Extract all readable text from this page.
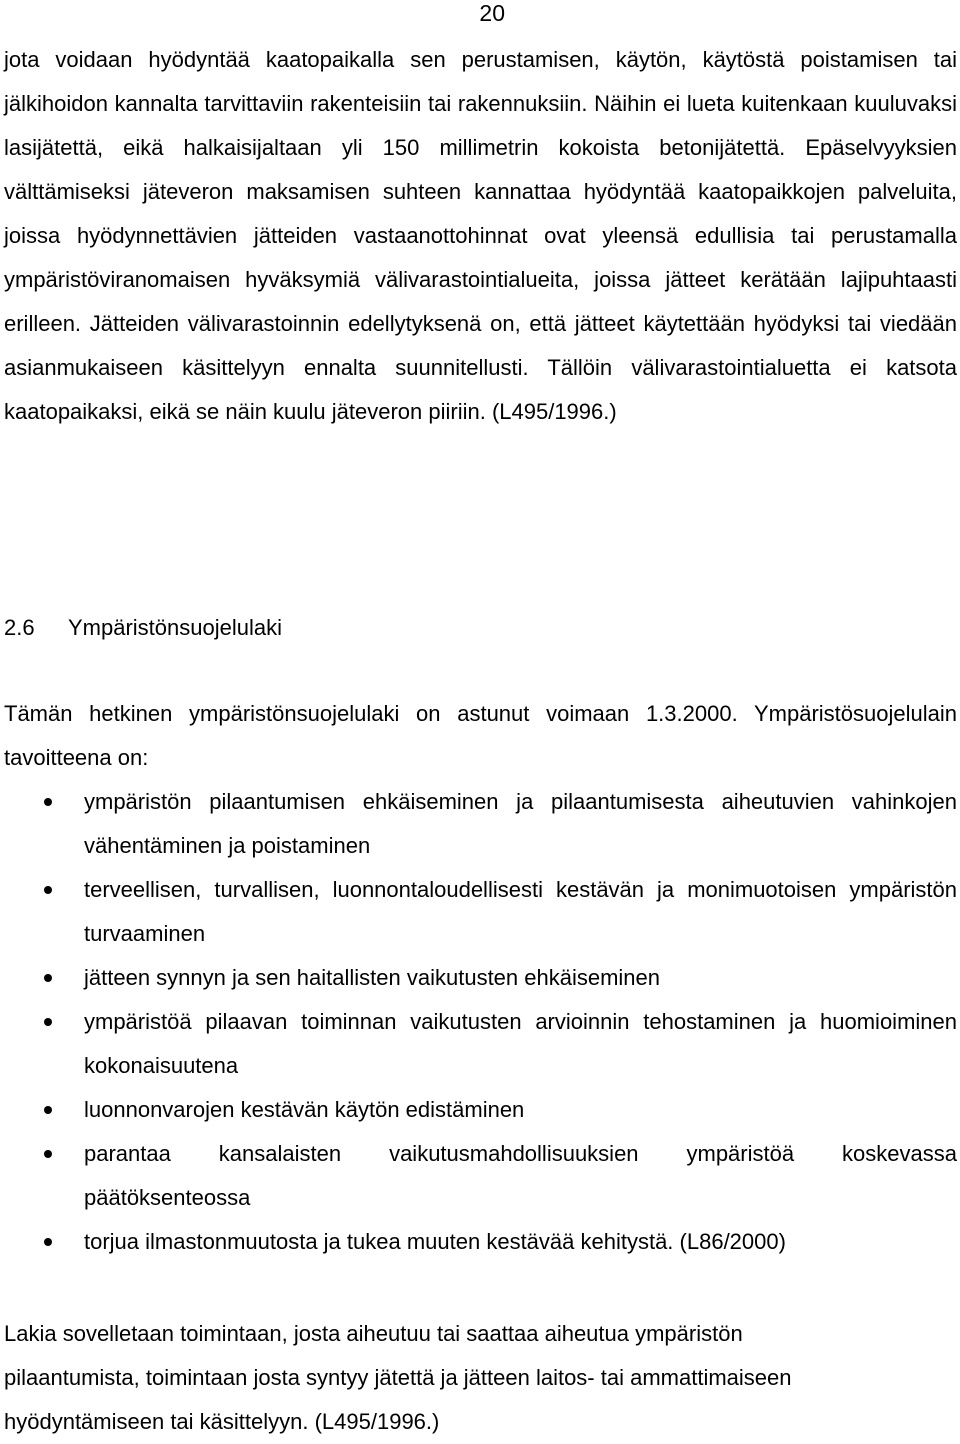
20

jota voidaan hyödyntää kaatopaikalla sen perustamisen, käytön, käytöstä poistamisen tai jälkihoidon kannalta tarvittaviin rakenteisiin tai rakennuksiin. Näihin ei lueta kuitenkaan kuuluvaksi lasijätettä, eikä halkaisijaltaan yli 150 millimetrin kokoista betonijätettä. Epäselvyyksien välttämiseksi jäteveron maksamisen suhteen kannattaa hyödyntää kaatopaikkojen palveluita, joissa hyödynnettävien jätteiden vastaanottohinnat ovat yleensä edullisia tai perustamalla ympäristöviranomaisen hyväksymiä välivarastointialueita, joissa jätteet kerätään lajipuhtaasti erilleen. Jätteiden välivarastoinnin edellytyksenä on, että jätteet käytettään hyödyksi tai viedään asianmukaiseen käsittelyyn ennalta suunnitellusti. Tällöin välivarastointialuetta ei katsota kaatopaikaksi, eikä se näin kuulu jäteveron piiriin. (L495/1996.)

2.6 Ympäristönsuojelulaki

Tämän hetkinen ympäristönsuojelulaki on astunut voimaan 1.3.2000. Ympäristösuojelulain tavoitteena on:

ympäristön pilaantumisen ehkäiseminen ja pilaantumisesta aiheutuvien vahinkojen vähentäminen ja poistaminen
terveellisen, turvallisen, luonnontaloudellisesti kestävän ja monimuotoisen ympäristön turvaaminen
jätteen synnyn ja sen haitallisten vaikutusten ehkäiseminen
ympäristöä pilaavan toiminnan vaikutusten arvioinnin tehostaminen ja huomioiminen kokonaisuutena
luonnonvarojen kestävän käytön edistäminen
parantaa kansalaisten vaikutusmahdollisuuksien ympäristöä koskevassa päätöksenteossa
torjua ilmastonmuutosta ja tukea muuten kestävää kehitystä. (L86/2000)

Lakia sovelletaan toimintaan, josta aiheutuu tai saattaa aiheutua ympäristön
pilaantumista, toimintaan josta syntyy jätettä ja jätteen laitos- tai ammattimaiseen
hyödyntämiseen tai käsittelyyn. (L495/1996.)
